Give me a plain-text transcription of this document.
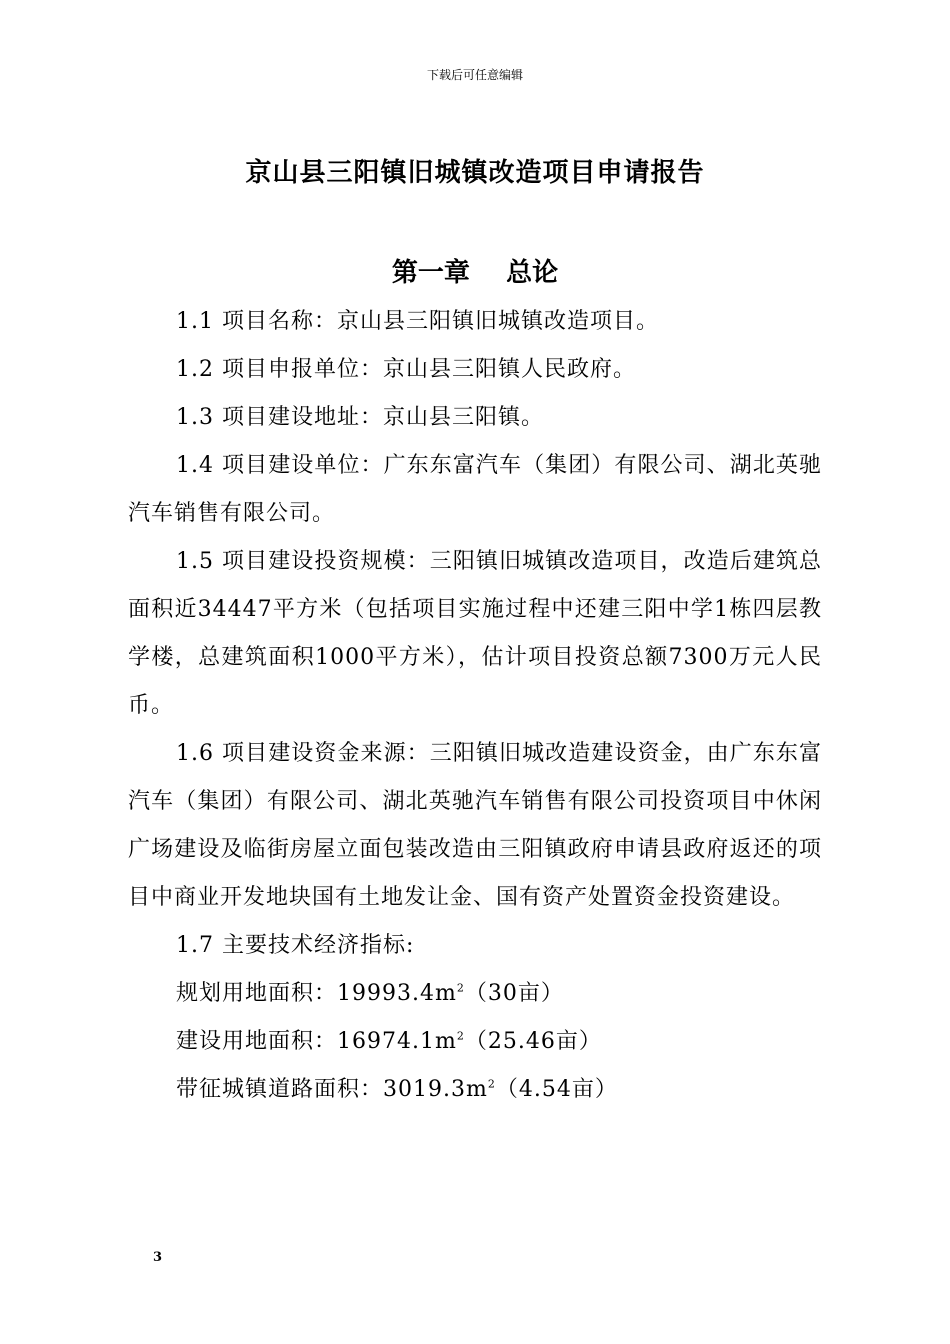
下载后可任意编辑
京山县三阳镇旧城镇改造项目申请报告
第一章 总论

1.1 项目名称：京山县三阳镇旧城镇改造项目。

1.2 项目申报单位：京山县三阳镇人民政府。

1.3 项目建设地址：京山县三阳镇。

1.4 项目建设单位：广东东富汽车（集团）有限公司、湖北英驰汽车销售有限公司。

1.5 项目建设投资规模：三阳镇旧城镇改造项目，改造后建筑总面积近34447平方米（包括项目实施过程中还建三阳中学1栋四层教学楼，总建筑面积1000平方米），估计项目投资总额7300万元人民币。

1.6 项目建设资金来源：三阳镇旧城改造建设资金，由广东东富汽车（集团）有限公司、湖北英驰汽车销售有限公司投资项目中休闲广场建设及临街房屋立面包装改造由三阳镇政府申请县政府返还的项目中商业开发地块国有土地发让金、国有资产处置资金投资建设。

1.7 主要技术经济指标:

规划用地面积：$19993.4m^2(30$亩）

建设用地面积：$16974.1m^2(25.46$亩）

带征城镇道路面积：$3019.3m^2(4.54$亩）

3
